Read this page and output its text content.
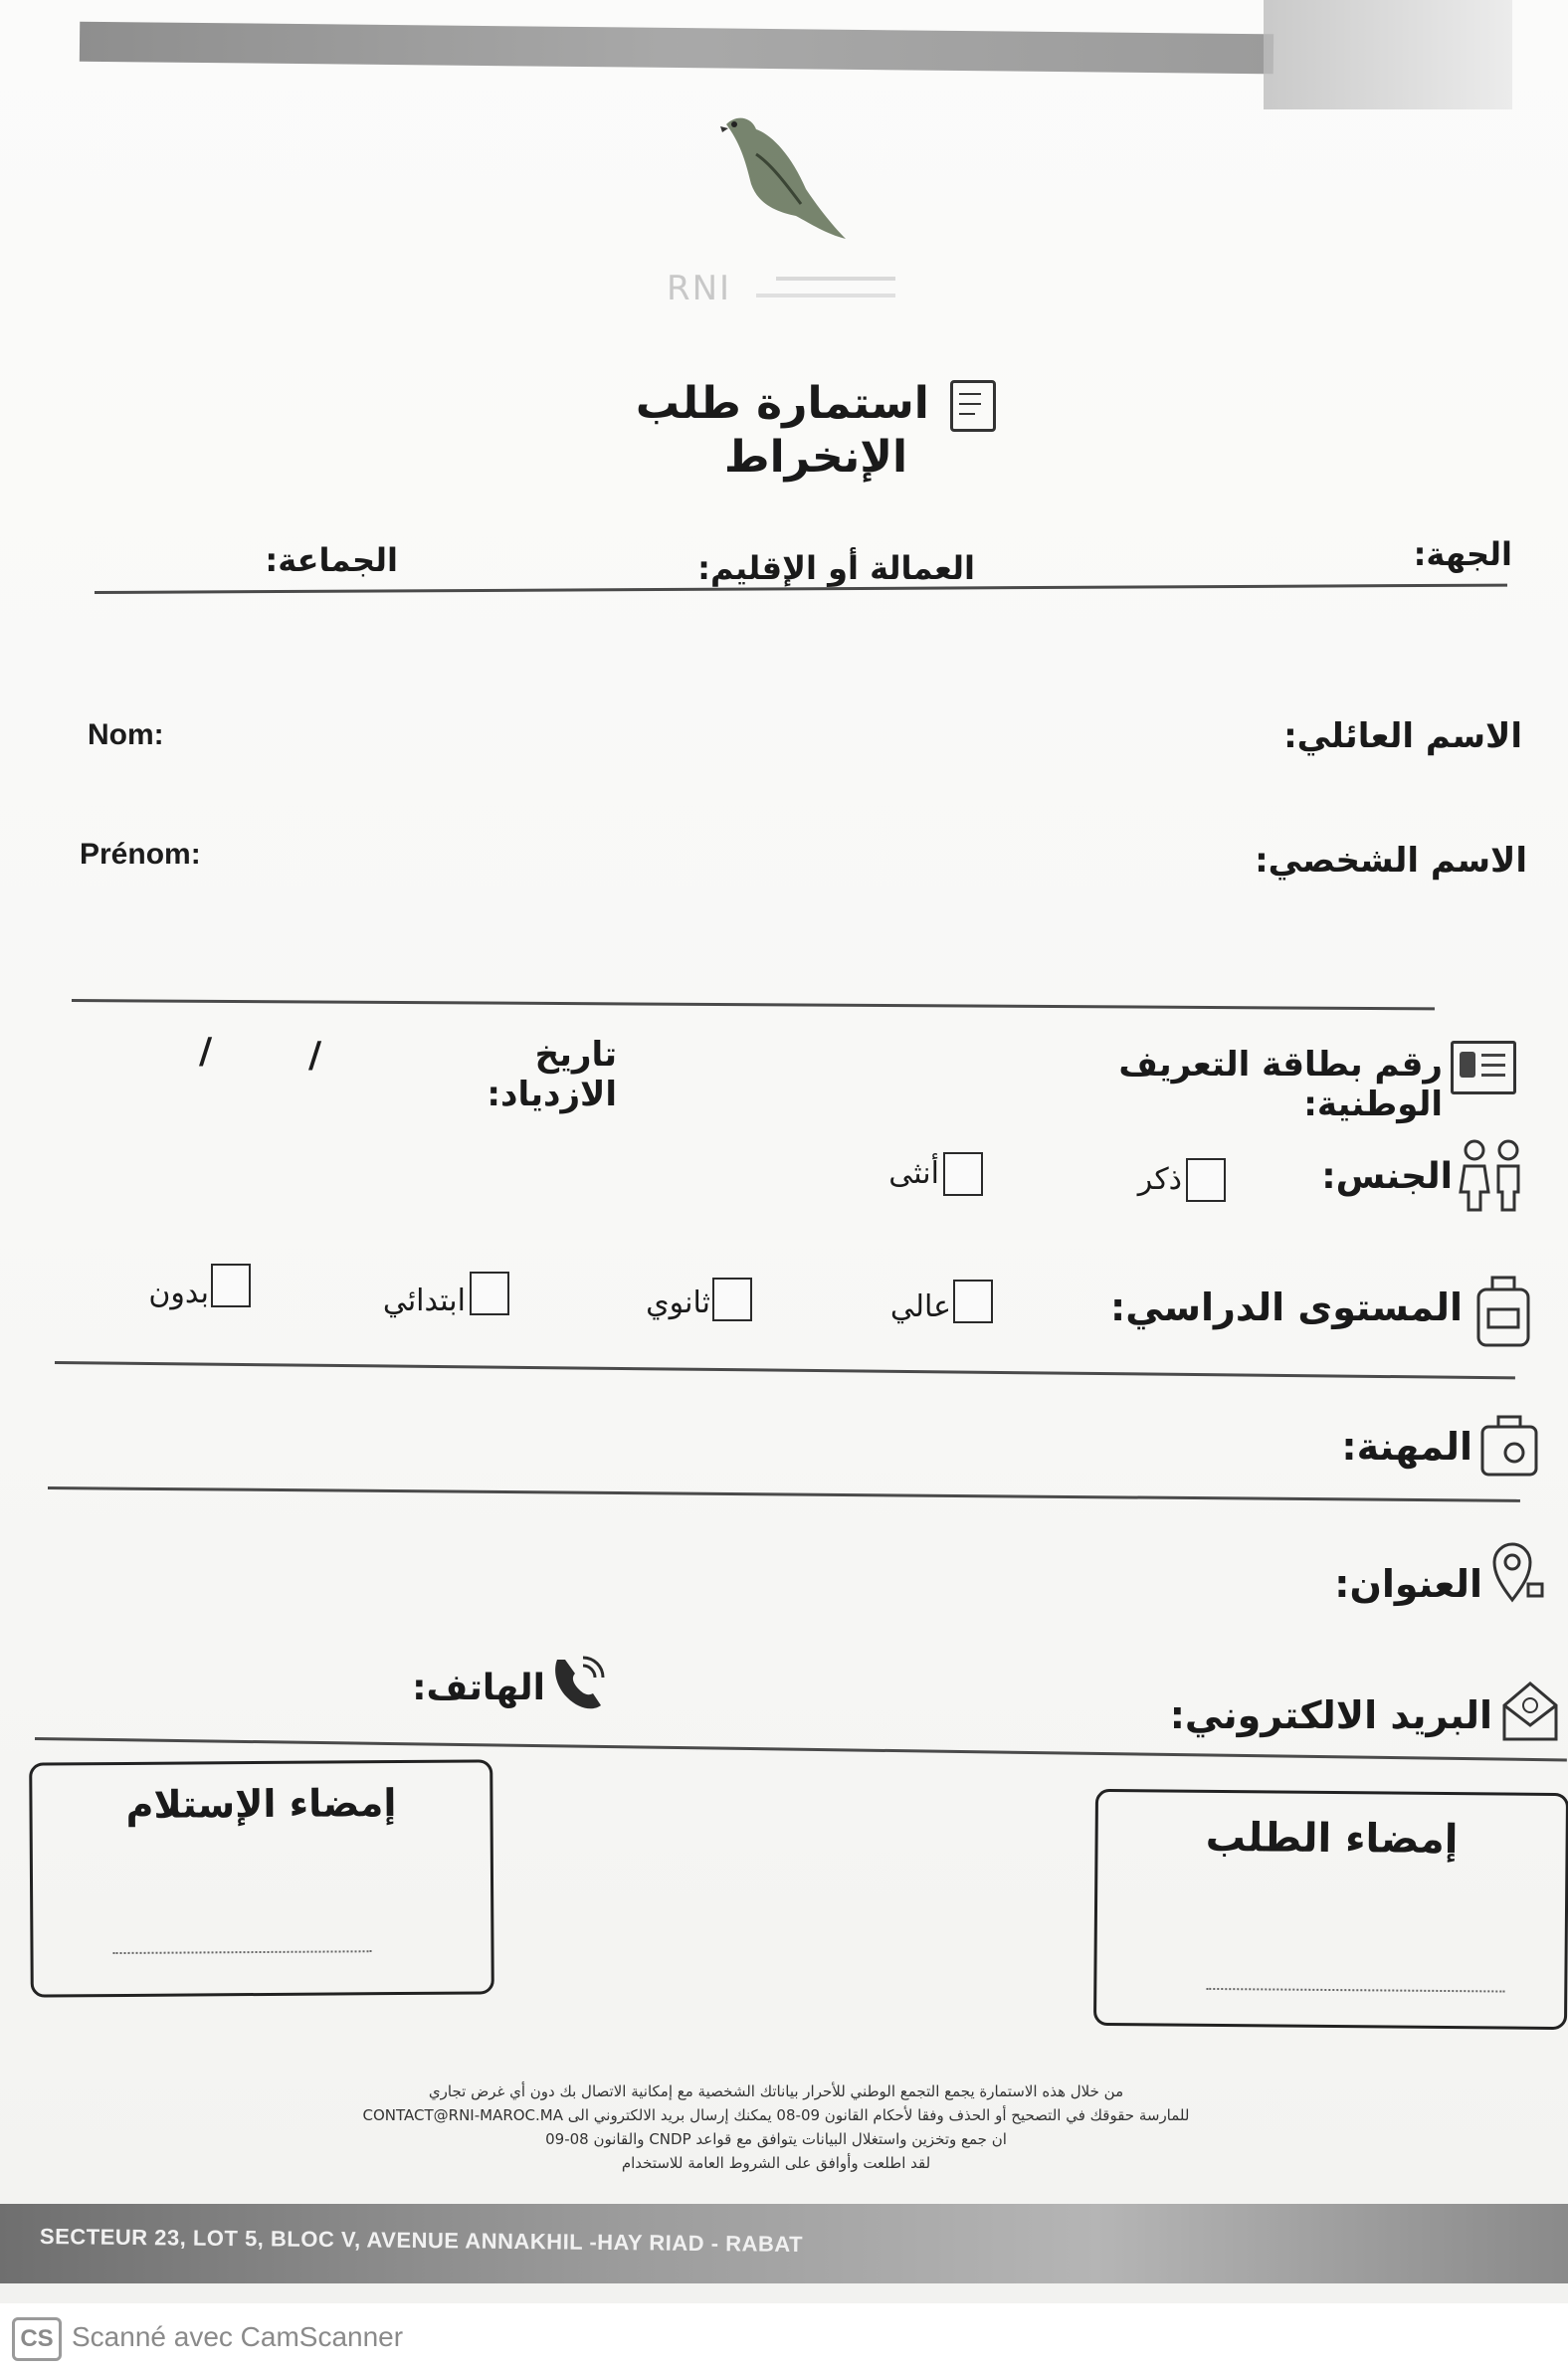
RNI
استمارة طلب الإنخراط
الجهة:
العمالة أو الإقليم:
الجماعة:
الاسم العائلي:
Nom:
الاسم الشخصي:
Prénom:
رقم بطاقة التعريف الوطنية:
تاريخ الازدياد:
/
/
الجنس:
ذكر
أنثى
المستوى الدراسي:
عالي
ثانوي
ابتدائي
بدون
المهنة:
العنوان:
الهاتف:
البريد الالكتروني:
إمضاء الإستلام
إمضاء الطلب
من خلال هذه الاستمارة يجمع التجمع الوطني للأحرار بياناتك الشخصية مع إمكانية الاتصال بك دون أي غرض تجاري
للمارسة حقوقك في التصحيح أو الحذف وفقا لأحكام القانون 09-08 يمكنك إرسال بريد الالكتروني الى CONTACT@RNI-MAROC.MA
ان جمع وتخزين واستغلال البيانات يتوافق مع قواعد CNDP والقانون 08-09
لقد اطلعت وأوافق على الشروط العامة للاستخدام
SECTEUR 23, LOT 5, BLOC V, AVENUE ANNAKHIL -HAY RIAD - RABAT
CS Scanné avec CamScanner
